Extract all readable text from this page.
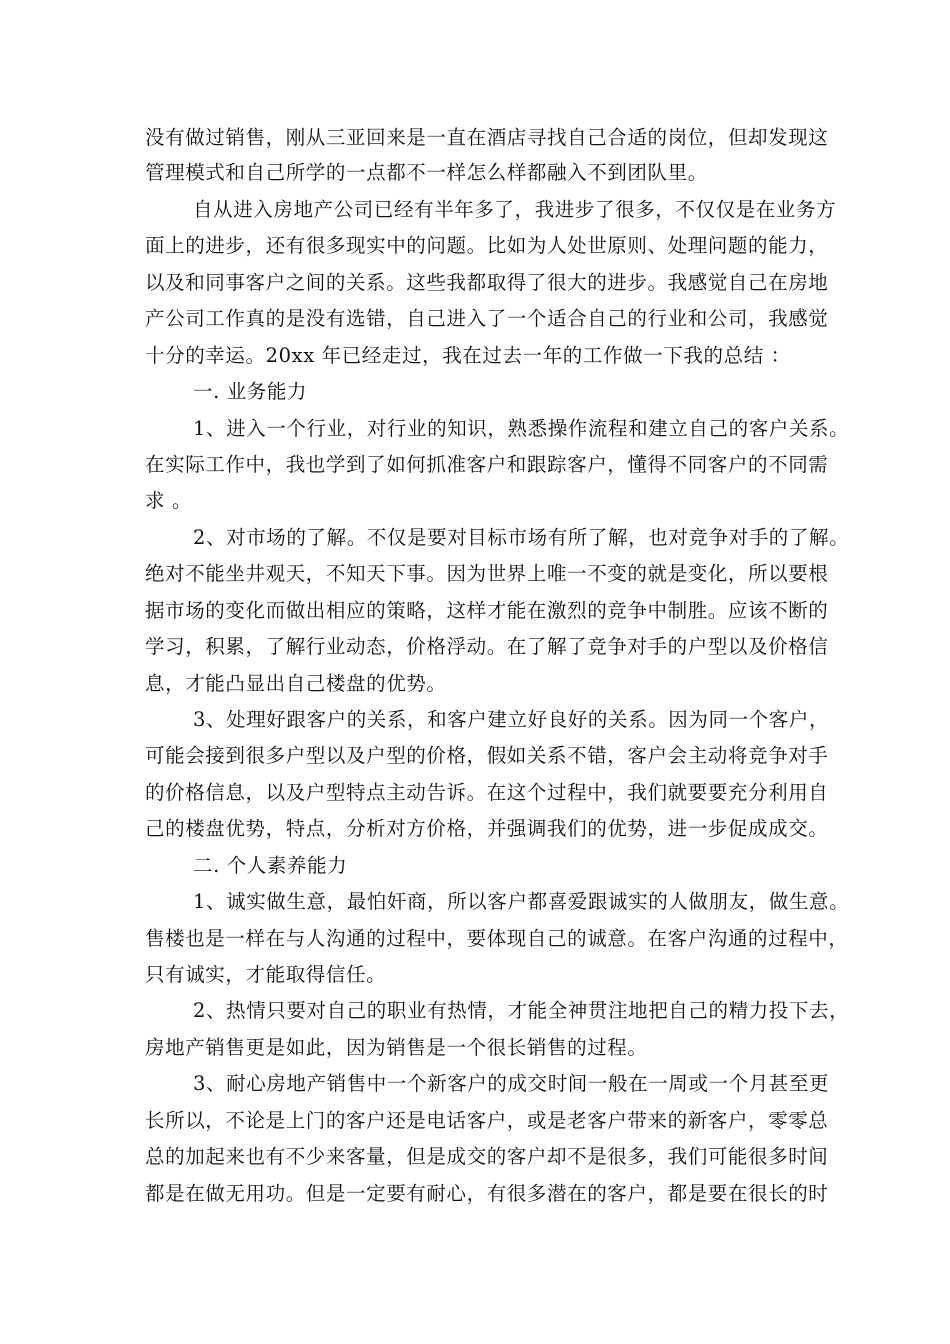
没有做过销售，刚从三亚回来是一直在酒店寻找自己合适的岗位，但却发现这
管理模式和自己所学的一点都不一样怎么样都融入不到团队里。
自从进入房地产公司已经有半年多了，我进步了很多，不仅仅是在业务方
面上的进步，还有很多现实中的问题。比如为人处世原则、处理问题的能力，
以及和同事客户之间的关系。这些我都取得了很大的进步。我感觉自己在房地
产公司工作真的是没有选错，自己进入了一个适合自己的行业和公司，我感觉
十分的幸运。20xx 年已经走过，我在过去一年的工作做一下我的总结 ：
一. 业务能力
1、进入一个行业，对行业的知识，熟悉操作流程和建立自己的客户关系。
在实际工作中，我也学到了如何抓准客户和跟踪客户，懂得不同客户的不同需
求 。
2、对市场的了解。不仅是要对目标市场有所了解，也对竞争对手的了解。
绝对不能坐井观天，不知天下事。因为世界上唯一不变的就是变化，所以要根
据市场的变化而做出相应的策略，这样才能在激烈的竞争中制胜。应该不断的
学习，积累，了解行业动态，价格浮动。在了解了竞争对手的户型以及价格信
息，才能凸显出自己楼盘的优势。
3、处理好跟客户的关系，和客户建立好良好的关系。因为同一个客户，
可能会接到很多户型以及户型的价格，假如关系不错，客户会主动将竞争对手
的价格信息，以及户型特点主动告诉。在这个过程中，我们就要要充分利用自
己的楼盘优势，特点，分析对方价格，并强调我们的优势，进一步促成成交。
二. 个人素养能力
1、诚实做生意，最怕奸商，所以客户都喜爱跟诚实的人做朋友，做生意。
售楼也是一样在与人沟通的过程中，要体现自己的诚意。在客户沟通的过程中，
只有诚实，才能取得信任。
2、热情只要对自己的职业有热情，才能全神贯注地把自己的精力投下去，
房地产销售更是如此，因为销售是一个很长销售的过程。
3、耐心房地产销售中一个新客户的成交时间一般在一周或一个月甚至更
长所以，不论是上门的客户还是电话客户，或是老客户带来的新客户，零零总
总的加起来也有不少来客量，但是成交的客户却不是很多，我们可能很多时间
都是在做无用功。但是一定要有耐心，有很多潜在的客户，都是要在很长的时
